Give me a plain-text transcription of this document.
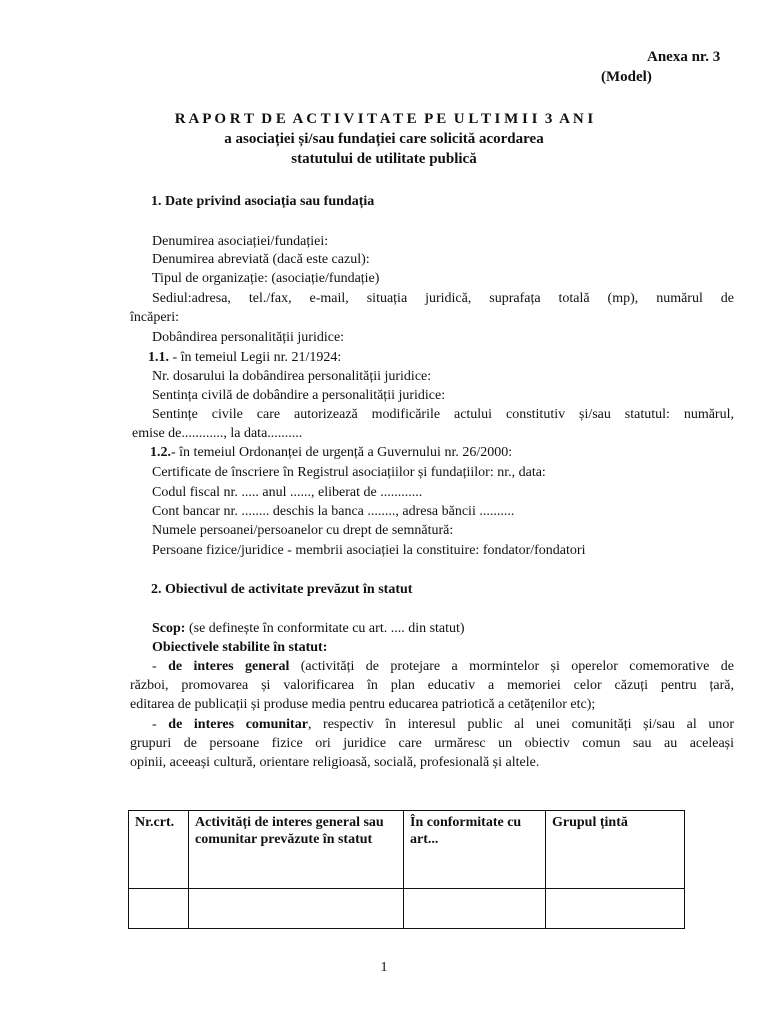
Anexa nr. 3
(Model)
R A P O R T  D E  A C T I V I T A T E  P E  U L T I M I I  3  A N I
a asociației și/sau fundației care solicită acordarea
statutului de utilitate publică
1. Date privind asociația sau fundația
Denumirea asociației/fundației:
Denumirea abreviată (dacă este cazul):
Tipul de organizație: (asociație/fundație)
Sediul:adresa, tel./fax, e-mail, situația juridică, suprafața totală (mp), numărul de
încăperi:
Dobândirea personalității juridice:
1.1. - în temeiul Legii nr. 21/1924:
Nr. dosarului la dobândirea personalității juridice:
Sentința civilă de dobândire a personalității juridice:
Sentințe civile care autorizează modificările actului constitutiv și/sau statutul: numărul,
emise de............, la data..........
1.2.- în temeiul Ordonanței de urgență a Guvernului nr. 26/2000:
Certificate de înscriere în Registrul asociațiilor și fundațiilor: nr., data:
Codul fiscal nr. ..... anul ......, eliberat de ............
Cont bancar nr. ........ deschis la banca ........, adresa băncii ..........
Numele persoanei/persoanelor cu drept de semnătură:
Persoane fizice/juridice - membrii asociației la constituire: fondator/fondatori
2. Obiectivul de activitate prevăzut în statut
Scop: (se definește în conformitate cu art. .... din statut)
Obiectivele stabilite în statut:
- de interes general (activități de protejare a mormintelor și operelor comemorative de
război, promovarea și valorificarea în plan educativ a memoriei celor căzuți pentru țară,
editarea de publicații și produse media pentru educarea patriotică a cetățenilor etc);
- de interes comunitar, respectiv în interesul public al unei comunități și/sau al unor
grupuri de persoane fizice ori juridice care urmăresc un obiectiv comun sau au aceleași
opinii, aceeași cultură, orientare religioasă, socială, profesională și altele.
Nr.crt.	Activități de interes general sau comunitar prevăzute în statut	În conformitate cu art...	Grupul țintă

1
